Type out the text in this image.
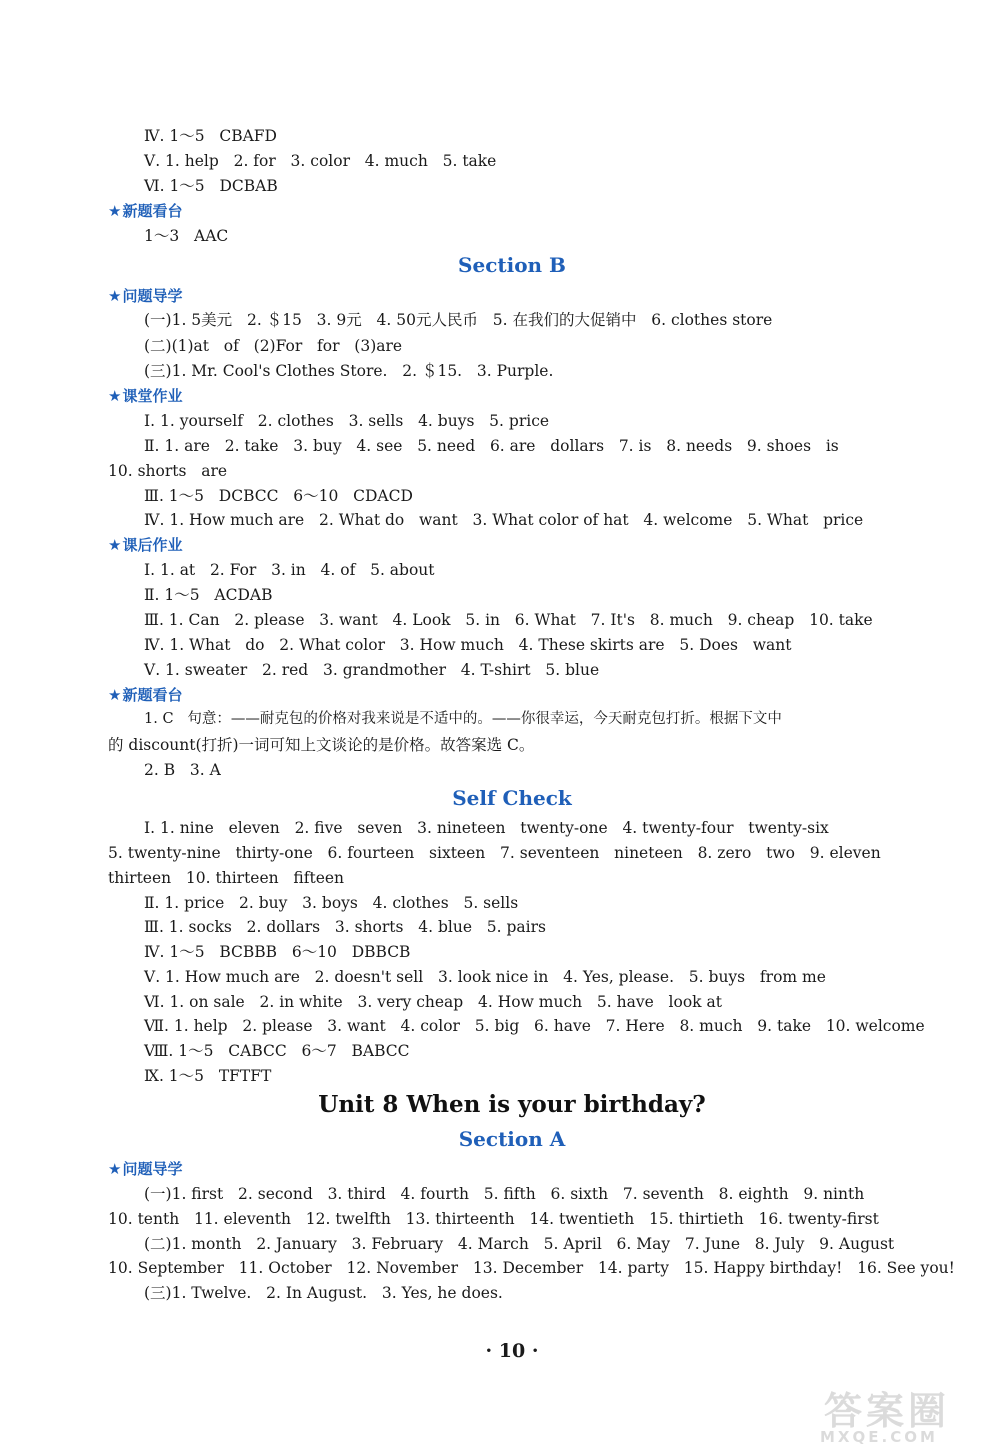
Ⅳ. 1～5   CBAFD
Ⅴ. 1. help   2. for   3. color   4. much   5. take
Ⅵ. 1～5   DCBAB
★新题看台
1～3   AAC
Section B
★问题导学
(一)1. 5美元   2. ＄15   3. 9元   4. 50元人民币   5. 在我们的大促销中   6. clothes store
(二)(1)at   of   (2)For   for   (3)are
(三)1. Mr. Cool's Clothes Store.   2. ＄15.   3. Purple.
★课堂作业
Ⅰ. 1. yourself   2. clothes   3. sells   4. buys   5. price
Ⅱ. 1. are   2. take   3. buy   4. see   5. need   6. are   dollars   7. is   8. needs   9. shoes   is
10. shorts   are
Ⅲ. 1～5   DCBCC   6～10   CDACD
Ⅳ. 1. How much are   2. What do   want   3. What color of hat   4. welcome   5. What   price
★课后作业
Ⅰ. 1. at   2. For   3. in   4. of   5. about
Ⅱ. 1～5   ACDAB
Ⅲ. 1. Can   2. please   3. want   4. Look   5. in   6. What   7. It's   8. much   9. cheap   10. take
Ⅳ. 1. What   do   2. What color   3. How much   4. These skirts are   5. Does   want
Ⅴ. 1. sweater   2. red   3. grandmother   4. T-shirt   5. blue
★新题看台
1. C   句意：——耐克包的价格对我来说是不适中的。——你很幸运，今天耐克包打折。根据下文中
的 discount(打折)一词可知上文谈论的是价格。故答案选 C。
2. B   3. A
Self Check
Ⅰ. 1. nine   eleven   2. five   seven   3. nineteen   twenty-one   4. twenty-four   twenty-six
5. twenty-nine   thirty-one   6. fourteen   sixteen   7. seventeen   nineteen   8. zero   two   9. eleven
thirteen   10. thirteen   fifteen
Ⅱ. 1. price   2. buy   3. boys   4. clothes   5. sells
Ⅲ. 1. socks   2. dollars   3. shorts   4. blue   5. pairs
Ⅳ. 1～5   BCBBB   6～10   DBBCB
Ⅴ. 1. How much are   2. doesn't sell   3. look nice in   4. Yes, please.   5. buys   from me
Ⅵ. 1. on sale   2. in white   3. very cheap   4. How much   5. have   look at
Ⅶ. 1. help   2. please   3. want   4. color   5. big   6. have   7. Here   8. much   9. take   10. welcome
Ⅷ. 1～5   CABCC   6～7   BABCC
Ⅸ. 1～5   TFTFT
Unit 8 When is your birthday?
Section A
★问题导学
(一)1. first   2. second   3. third   4. fourth   5. fifth   6. sixth   7. seventh   8. eighth   9. ninth
10. tenth   11. eleventh   12. twelfth   13. thirteenth   14. twentieth   15. thirtieth   16. twenty-first
(二)1. month   2. January   3. February   4. March   5. April   6. May   7. June   8. July   9. August
10. September   11. October   12. November   13. December   14. party   15. Happy birthday!   16. See you!
(三)1. Twelve.   2. In August.   3. Yes, he does.
· 10 ·
答案圈
MXQE.COM
